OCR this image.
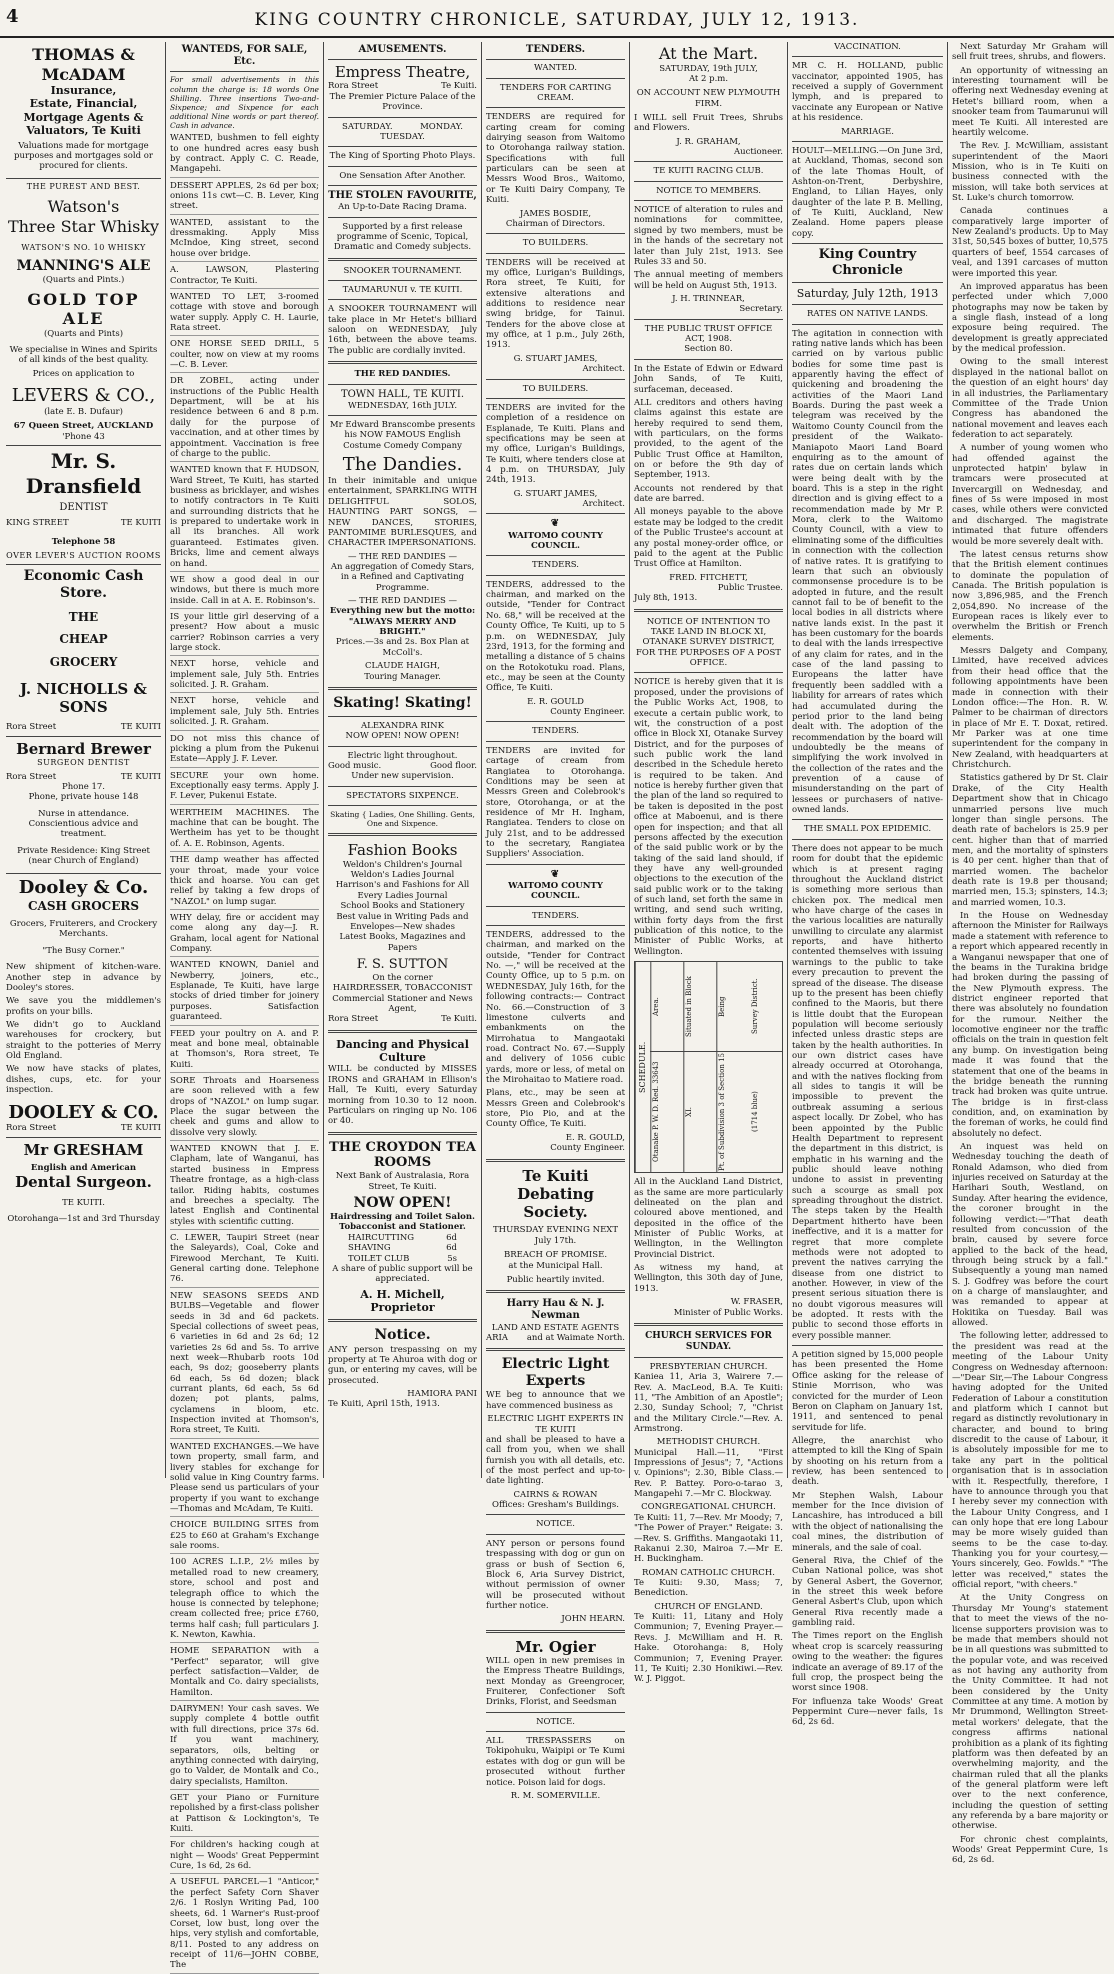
4	KING COUNTRY CHRONICLE, SATURDAY, JULY 12, 1913.
THOMAS & McADAM
Insurance,
Estate, Financial,
Mortgage Agents &
Valuators, Te Kuiti

Valuations made for mortgage purposes and mortgages sold or procured for clients.

THE PUREST AND BEST.
Watson's
Three Star Whisky
WATSON'S NO. 10 WHISKY
MANNING'S ALE
(Quarts and Pints.)
GOLD TOP ALE
(Quarts and Pints)

We specialise in Wines and Spirits of all kinds of the best quality.

Prices on application to
LEVERS & CO.,
(late E. B. Dufaur)
67 Queen Street, AUCKLAND
'Phone 43
Mr. S. Dransfield
DENTIST
KING STREET	TE KUITI
Telephone 58
OVER LEVER'S AUCTION ROOMS
Economic Cash Store.
THE
CHEAP
GROCERY
J. NICHOLLS & SONS
Rora Street	TE KUITI
Bernard Brewer
SURGEON DENTIST
Rora Street	TE KUITI
Phone 17.
Phone, private house 148
Nurse in attendance.
Conscientious advice and treatment.

Private Residence: King Street (near Church of England)

Dooley & Co.
CASH GROCERS

Grocers, Fruiterers, and Crockery Merchants.

"The Busy Corner."

New shipment of kitchen-ware. Another step in advance by Dooley's stores.

We save you the middlemen's profits on your bills.

We didn't go to Auckland warehouses for crockery, but straight to the potteries of Merry Old England.

We now have stacks of plates, dishes, cups, etc. for your inspection.

DOOLEY & CO.
Rora Street	TE KUITI
Mr GRESHAM
English and American
Dental Surgeon.
TE KUITI.
Otorohanga—1st and 3rd Thursday
WANTEDS, FOR SALE, Etc.

For small advertisements in this column the charge is: 18 words One Shilling. Three insertions Two-and-Sixpence; and Sixpence for each additional Nine words or part thereof. Cash in advance.

WANTED, bushmen to fell eighty to one hundred acres easy bush by contract. Apply C. C. Reade, Mangapehi.

DESSERT APPLES, 2s 6d per box; onions 11s cwt—C. B. Lever, King street.

WANTED, assistant to the dressmaking. Apply Miss McIndoe, King street, second house over bridge.

A. LAWSON, Plastering Contractor, Te Kuiti.

WANTED TO LET, 3-roomed cottage with stove and borough water supply. Apply C. H. Laurie, Rata street.

ONE HORSE SEED DRILL, 5 coulter, now on view at my rooms—C. B. Lever.

DR ZOBEL, acting under instructions of the Public Health Department, will be at his residence between 6 and 8 p.m. daily for the purpose of vaccination, and at other times by appointment. Vaccination is free of charge to the public.

WANTED known that F. HUDSON, Ward Street, Te Kuiti, has started business as bricklayer, and wishes to notify contractors in Te Kuiti and surrounding districts that he is prepared to undertake work in all its branches. All work guaranteed. Estimates given. Bricks, lime and cement always on hand.

WE show a good deal in our windows, but there is much more inside. Call in at A. E. Robinson's.

IS your little girl deserving of a present? How about a music carrier? Robinson carries a very large stock.

NEXT horse, vehicle and implement sale, July 5th. Entries solicited. J. R. Graham.

NEXT horse, vehicle and implement sale, July 5th. Entries solicited. J. R. Graham.

DO not miss this chance of picking a plum from the Pukenui Estate—Apply J. F. Lever.

SECURE your own home. Exceptionally easy terms. Apply J. F. Lever, Pukenui Estate.

WERTHEIM MACHINES. The machine that can be bought. The Wertheim has yet to be thought of. A. E. Robinson, Agents.

THE damp weather has affected your throat, made your voice thick and hoarse. You can get relief by taking a few drops of "NAZOL" on lump sugar.

WHY delay, fire or accident may come along any day—J. R. Graham, local agent for National Company.

WANTED KNOWN, Daniel and Newberry, joiners, etc., Esplanade, Te Kuiti, have large stocks of dried timber for joinery purposes. Satisfaction guaranteed.

FEED your poultry on A. and P. meat and bone meal, obtainable at Thomson's, Rora street, Te Kuiti.

SORE Throats and Hoarseness are soon relieved with a few drops of "NAZOL" on lump sugar. Place the sugar between the cheek and gums and allow to dissolve very slowly.

WANTED KNOWN that J. E. Clapham, late of Wanganui, has started business in Empress Theatre frontage, as a high-class tailor. Riding habits, costumes and breeches a specialty. The latest English and Continental styles with scientific cutting.

C. LEWER, Taupiri Street (near the Saleyards), Coal, Coke and Firewood Merchant, Te Kuiti. General carting done. Telephone 76.

NEW SEASONS SEEDS AND BULBS—Vegetable and flower seeds in 3d and 6d packets. Special collections of sweet peas, 6 varieties in 6d and 2s 6d; 12 varieties 2s 6d and 5s. To arrive next week—Rhubarb roots 10d each, 9s doz; gooseberry plants 6d each, 5s 6d dozen; black currant plants, 6d each, 5s 6d dozen; pot plants, palms, cyclamens in bloom, etc. Inspection invited at Thomson's, Rora street, Te Kuiti.

WANTED EXCHANGES.—We have town property, small farm, and livery stables for exchange for solid value in King Country farms. Please send us particulars of your property if you want to exchange—Thomas and McAdam, Te Kuiti.

CHOICE BUILDING SITES from £25 to £60 at Graham's Exchange sale rooms.

100 ACRES L.I.P., 2½ miles by metalled road to new creamery, store, school and post and telegraph office to which the house is connected by telephone; cream collected free; price £760, terms half cash; full particulars J. K. Newton, Kawhia.

HOME SEPARATION with a "Perfect" separator, will give perfect satisfaction—Valder, de Montalk and Co. dairy specialists, Hamilton.

DAIRYMEN! Your cash saves. We supply complete 4 bottle outfit with full directions, price 37s 6d. If you want machinery, separators, oils, belting or anything connected with dairying, go to Valder, de Montalk and Co., dairy specialists, Hamilton.

GET your Piano or Furniture repolished by a first-class polisher at Pattison & Lockington's, Te Kuiti.

For children's hacking cough at night — Woods' Great Peppermint Cure, 1s 6d, 2s 6d.

A USEFUL PARCEL—1 "Anticor," the perfect Safety Corn Shaver 2/6. 1 Roslyn Writing Pad, 100 sheets, 6d. 1 Warner's Rust-proof Corset, low bust, long over the hips, very stylish and comfortable, 8/11. Posted to any address on receipt of 11/6—JOHN COBBE, The

AMUSEMENTS.
Empress Theatre,
Rora Street	Te Kuiti.

The Premier Picture Palace of the Province.

SATURDAY.	MONDAY.
TUESDAY.
The King of Sporting Photo Plays.
One Sensation After Another.
THE STOLEN FAVOURITE,
An Up-to-Date Racing Drama.

Supported by a first release programme of Scenic, Topical, Dramatic and Comedy subjects.

SNOOKER TOURNAMENT.
TAUMARUNUI v. TE KUITI.

A SNOOKER TOURNAMENT will take place in Mr Hetet's billiard saloon on WEDNESDAY, July 16th, between the above teams. The public are cordially invited.

THE RED DANDIES.
TOWN HALL, TE KUITI.
WEDNESDAY, 16th JULY.

Mr Edward Branscombe presents his NOW FAMOUS English Costume Comedy Company

The Dandies.

In their inimitable and unique entertainment, SPARKLING WITH DELIGHTFUL SOLOS, HAUNTING PART SONGS, — NEW DANCES, STORIES, PANTOMIME BURLESQUES, and CHARACTER IMPERSONATIONS.

— THE RED DANDIES —

An aggregation of Comedy Stars, in a Refined and Captivating Programme.

— THE RED DANDIES —
Everything new but the motto:
"ALWAYS MERRY AND BRIGHT."

Prices.—3s and 2s. Box Plan at McColl's.

CLAUDE HAIGH,
Touring Manager.
Skating! Skating!
ALEXANDRA RINK
NOW OPEN! NOW OPEN!
Electric light throughout.
Good music.	Good floor.
Under new supervision.
SPECTATORS SIXPENCE.
Skating { Ladies, One Shilling. Gents, One and Sixpence.
Fashion Books
Weldon's Children's Journal
Weldon's Ladies Journal
Harrison's and Fashions for All
Every Ladies Journal
School Books and Stationery
Best value in Writing Pads and Envelopes—New shades
Latest Books, Magazines and Papers
F. S. SUTTON
On the corner
HAIRDRESSER, TOBACCONIST
Commercial Stationer and News Agent,
Rora Street	Te Kuiti.
Dancing and Physical Culture

WILL be conducted by MISSES IRONS and GRAHAM in Ellison's Hall, Te Kuiti, every Saturday morning from 10.30 to 12 noon. Particulars on ringing up No. 106 or 40.

THE CROYDON TEA ROOMS

Next Bank of Australasia, Rora Street, Te Kuiti.

NOW OPEN!
Hairdressing and Toilet Salon.
Tobacconist and Stationer.
HAIRCUTTING	6d
SHAVING	6d
TOILET CLUB	5s

A share of public support will be appreciated.

A. H. Michell, Proprietor
Notice.

ANY person trespassing on my property at Te Ahuroa with dog or gun, or entering my caves, will be prosecuted.

HAMIORA PANI
Te Kuiti, April 15th, 1913.
TENDERS.
WANTED.
TENDERS FOR CARTING CREAM.

TENDERS are required for carting cream for coming dairying season from Waitomo to Otorohanga railway station. Specifications with full particulars can be seen at Messrs Wood Bros., Waitomo, or Te Kuiti Dairy Company, Te Kuiti.

JAMES BOSDIE,
Chairman of Directors.
TO BUILDERS.

TENDERS will be received at my office, Lurigan's Buildings, Rora street, Te Kuiti, for extensive alterations and additions to residence near swing bridge, for Tainui. Tenders for the above close at my office, at 1 p.m., July 26th, 1913.

G. STUART JAMES,
Architect.
TO BUILDERS.

TENDERS are invited for the completion of a residence on Esplanade, Te Kuiti. Plans and specifications may be seen at my office, Lurigan's Buildings, Te Kuiti, where tenders close at 4 p.m. on THURSDAY, July 24th, 1913.

G. STUART JAMES,
Architect.
❦
WAITOMO COUNTY COUNCIL.
TENDERS.

TENDERS, addressed to the chairman, and marked on the outside, "Tender for Contract No. 68," will be received at the County Office, Te Kuiti, up to 5 p.m. on WEDNESDAY, July 23rd, 1913, for the forming and metalling a distance of 5 chains on the Rotokotuku road. Plans, etc., may be seen at the County Office, Te Kuiti.

E. R. GOULD
County Engineer.
TENDERS.

TENDERS are invited for cartage of cream from Rangiatea to Otorohanga. Conditions may be seen at Messrs Green and Colebrook's store, Otorohanga, or at the residence of Mr H. Ingham, Rangiatea. Tenders to close on July 21st, and to be addressed to the secretary, Rangiatea Suppliers' Association.

❦
WAITOMO COUNTY COUNCIL.
TENDERS.

TENDERS, addressed to the chairman, and marked on the outside, "Tender for Contract No. —," will be received at the County Office, up to 5 p.m. on WEDNESDAY, July 16th, for the following contracts:— Contract No. 66.—Construction of 3 limestone culverts and embankments on the Mirrohatua to Mangaotaki road. Contract No. 67.—Supply and delivery of 1056 cubic yards, more or less, of metal on the Mirohaitao to Matiere road.

Plans, etc., may be seen at Messrs Green and Colebrook's store, Pio Pio, and at the County Office, Te Kuiti.

E. R. GOULD,
County Engineer.
Te Kuiti Debating Society.
THURSDAY EVENING NEXT
July 17th.
BREACH OF PROMISE.
at the Municipal Hall.
Public heartily invited.
Harry Hau & N. J. Newman
LAND AND ESTATE AGENTS
ARIA and at Waimate North.
Electric Light Experts

WE beg to announce that we have commenced business as

ELECTRIC LIGHT EXPERTS IN TE KUITI

and shall be pleased to have a call from you, when we shall furnish you with all details, etc. of the most perfect and up-to-date lighting.

CAIRNS & ROWAN
Offices: Gresham's Buildings.
NOTICE.

ANY person or persons found trespassing with dog or gun on grass or bush of Section 6, Block 6, Aria Survey District, without permission of owner will be prosecuted without further notice.

JOHN HEARN.
Mr. Ogier

WILL open in new premises in the Empress Theatre Buildings, next Monday as Greengrocer, Fruiterer, Confectioner Soft Drinks, Florist, and Seedsman

NOTICE.

ALL TRESPASSERS on Tokipohuku, Waipipi or Te Kumi estates with dog or gun will be prosecuted without further notice. Poison laid for dogs.

R. M. SOMERVILLE.
At the Mart.
SATURDAY, 19th JULY,
At 2 p.m.
ON ACCOUNT NEW PLYMOUTH FIRM.

I WILL sell Fruit Trees, Shrubs and Flowers.

J. R. GRAHAM,
Auctioneer.
TE KUITI RACING CLUB.
NOTICE TO MEMBERS.

NOTICE of alteration to rules and nominations for committee, signed by two members, must be in the hands of the secretary not later than July 21st, 1913. See Rules 33 and 50.

The annual meeting of members will be held on August 5th, 1913.

J. H. TRINNEAR,
Secretary.
THE PUBLIC TRUST OFFICE ACT, 1908.
Section 80.

In the Estate of Edwin or Edward John Sands, of Te Kuiti, surfaceman, deceased.

ALL creditors and others having claims against this estate are hereby required to send them, with particulars, on the forms provided, to the agent of the Public Trust Office at Hamilton, on or before the 9th day of September, 1913.

Accounts not rendered by that date are barred.

All moneys payable to the above estate may be lodged to the credit of the Public Trustee's account at any postal money-order office, or paid to the agent at the Public Trust Office at Hamilton.

FRED. FITCHETT,
Public Trustee.
July 8th, 1913.
NOTICE OF INTENTION TO TAKE LAND IN BLOCK XI, OTANAKE SURVEY DISTRICT, FOR THE PURPOSES OF A POST OFFICE.

NOTICE is hereby given that it is proposed, under the provisions of the Public Works Act, 1908, to execute a certain public work, to wit, the construction of a post office in Block XI, Otanake Survey District, and for the purposes of such public work the land described in the Schedule hereto is required to be taken. And notice is hereby further given that the plan of the land so required to be taken is deposited in the post office at Maboenui, and is there open for inspection; and that all persons affected by the execution of the said public work or by the taking of the said land should, if they have any well-grounded objections to the execution of the said public work or to the taking of such land, set forth the same in writing, and send such writing, within forty days from the first publication of this notice, to the Minister of Public Works, at Wellington.

SCHEDULE.
Area.	Situated in Block	Being	Survey District.
Otanake P. W. D. Red. 33643	XI.	Pt. of Subdivision 3 of Section 15	(1714 blue)

All in the Auckland Land District, as the same are more particularly delineated on the plan and coloured above mentioned, and deposited in the office of the Minister of Public Works, at Wellington, in the Wellington Provincial District.

As witness my hand, at Wellington, this 30th day of June, 1913.

W. FRASER,
Minister of Public Works.
CHURCH SERVICES FOR SUNDAY.
PRESBYTERIAN CHURCH.

Kaniea 11, Aria 3, Wairere 7.—Rev. A. MacLeod, B.A. Te Kuiti: 11, "The Ambition of an Apostle"; 2.30, Sunday School; 7, "Christ and the Military Circle."—Rev. A. Armstrong.

METHODIST CHURCH.

Municipal Hall.—11, "First Impressions of Jesus"; 7, "Actions v. Opinions"; 2.30, Bible Class.—Rev. P. Battey. Poro-o-tarao 3, Mangapehi 7.—Mr C. Blockway.

CONGREGATIONAL CHURCH.

Te Kuiti: 11, 7—Rev. Mr Moody; 7, "The Power of Prayer." Reigate: 3.—Rev. S. Griffiths. Mangaotaki 11, Rakanui 2.30, Mairoa 7.—Mr E. H. Buckingham.

ROMAN CATHOLIC CHURCH.

Te Kuiti: 9.30, Mass; 7, Benediction.

CHURCH OF ENGLAND.

Te Kuiti: 11, Litany and Holy Communion; 7, Evening Prayer.—Revs. J. McWilliam and H. R. Hake. Otorohanga: 8, Holy Communion; 7, Evening Prayer. 11, Te Kuiti; 2.30 Honikiwi.—Rev. W. J. Piggot.

VACCINATION.

MR C. H. HOLLAND, public vaccinator, appointed 1905, has received a supply of Government lymph, and is prepared to vaccinate any European or Native at his residence.

MARRIAGE.

HOULT—MELLING.—On June 3rd, at Auckland, Thomas, second son of the late Thomas Hoult, of Ashton-on-Trent, Derbyshire, England, to Lilian Hayes, only daughter of the late P. B. Melling, of Te Kuiti, Auckland, New Zealand. Home papers please copy.

King Country Chronicle
Saturday, July 12th, 1913
RATES ON NATIVE LANDS.

The agitation in connection with rating native lands which has been carried on by various public bodies for some time past is apparently having the effect of quickening and broadening the activities of the Maori Land Boards. During the past week a telegram was received by the Waitomo County Council from the president of the Waikato-Maniapoto Maori Land Board enquiring as to the amount of rates due on certain lands which were being dealt with by the board. This is a step in the right direction and is giving effect to a recommendation made by Mr P. Mora, clerk to the Waitomo County Council, with a view to eliminating some of the difficulties in connection with the collection of native rates. It is gratifying to learn that such an obviously commonsense procedure is to be adopted in future, and the result cannot fail to be of benefit to the local bodies in all districts where native lands exist. In the past it has been customary for the boards to deal with the lands irrespective of any claim for rates, and in the case of the land passing to Europeans the latter have frequently been saddled with a liability for arrears of rates which had accumulated during the period prior to the land being dealt with. The adoption of the recommendation by the board will undoubtedly be the means of simplifying the work involved in the collection of the rates and the prevention of a cause of misunderstanding on the part of lessees or purchasers of native-owned lands.

THE SMALL POX EPIDEMIC.

There does not appear to be much room for doubt that the epidemic which is at present raging throughout the Auckland district is something more serious than chicken pox. The medical men who have charge of the cases in the various localities are naturally unwilling to circulate any alarmist reports, and have hitherto contented themselves with issuing warnings to the public to take every precaution to prevent the spread of the disease. The disease up to the present has been chiefly confined to the Maoris, but there is little doubt that the European population will become seriously infected unless drastic steps are taken by the health authorities. In our own district cases have already occurred at Otorohanga, and with the natives flocking from all sides to tangis it will be impossible to prevent the outbreak assuming a serious aspect locally. Dr Zobel, who has been appointed by the Public Health Department to represent the department in this district, is emphatic in his warning and the public should leave nothing undone to assist in preventing such a scourge as small pox spreading throughout the district. The steps taken by the Health Department hitherto have been ineffective, and it is a matter for regret that more complete methods were not adopted to prevent the natives carrying the disease from one district to another. However, in view of the present serious situation there is no doubt vigorous measures will be adopted. It rests with the public to second those efforts in every possible manner.

A petition signed by 15,000 people has been presented the Home Office asking for the release of Stinie Morrison, who was convicted for the murder of Leon Beron on Clapham on January 1st, 1911, and sentenced to penal servitude for life.

Allegre, the anarchist who attempted to kill the King of Spain by shooting on his return from a review, has been sentenced to death.

Mr Stephen Walsh, Labour member for the Ince division of Lancashire, has introduced a bill with the object of nationalising the coal mines, the distribution of minerals, and the sale of coal.

General Riva, the Chief of the Cuban National police, was shot by General Asbert, the Governor, in the street this week before General Asbert's Club, upon which General Riva recently made a gambling raid.

The Times report on the English wheat crop is scarcely reassuring owing to the weather: the figures indicate an average of 89.17 of the full crop, the prospect being the worst since 1908.

For influenza take Woods' Great Peppermint Cure—never fails, 1s 6d, 2s 6d.

Next Saturday Mr Graham will sell fruit trees, shrubs, and flowers.

An opportunity of witnessing an interesting tournament will be offering next Wednesday evening at Hetet's billiard room, when a snooker team from Taumarunui will meet Te Kuiti. All interested are heartily welcome.

The Rev. J. McWilliam, assistant superintendent of the Maori Mission, who is in Te Kuiti on business connected with the mission, will take both services at St. Luke's church tomorrow.

Canada continues a comparatively large importer of New Zealand's products. Up to May 31st, 50,545 boxes of butter, 10,575 quarters of beef, 1554 carcases of veal, and 1391 carcases of mutton were imported this year.

An improved apparatus has been perfected under which 7,000 photographs may now be taken by a single flash, instead of a long exposure being required. The development is greatly appreciated by the medical profession.

Owing to the small interest displayed in the national ballot on the question of an eight hours' day in all industries, the Parliamentary Committee of the Trade Union Congress has abandoned the national movement and leaves each federation to act separately.

A number of young women who had offended against the unprotected hatpin' bylaw in tramcars were prosecuted at Invercargill on Wednesday, and fines of 5s were imposed in most cases, while others were convicted and discharged. The magistrate intimated that future offenders would be more severely dealt with.

The latest census returns show that the British element continues to dominate the population of Canada. The British population is now 3,896,985, and the French 2,054,890. No increase of the European races is likely ever to overwhelm the British or French elements.

Messrs Dalgety and Company, Limited, have received advices from their head office that the following appointments have been made in connection with their London office:—The Hon. R. W. Palmer to be chairman of directors in place of Mr E. T. Doxat, retired. Mr Parker was at one time superintendent for the company in New Zealand, with headquarters at Christchurch.

Statistics gathered by Dr St. Clair Drake, of the City Health Department show that in Chicago unmarried persons live much longer than single persons. The death rate of bachelors is 25.9 per cent. higher than that of married men, and the mortality of spinsters is 40 per cent. higher than that of married women. The bachelor death rate is 19.8 per thousand; married men, 15.3; spinsters, 14.3; and married women, 10.3.

In the House on Wednesday afternoon the Minister for Railways made a statement with reference to a report which appeared recently in a Wanganui newspaper that one of the beams in the Turakina bridge had broken during the passing of the New Plymouth express. The district engineer reported that there was absolutely no foundation for the rumour. Neither the locomotive engineer nor the traffic officials on the train in question felt any bump. On investigation being made it was found that the statement that one of the beams in the bridge beneath the running track had broken was quite untrue. The bridge is in first-class condition, and, on examination by the foreman of works, he could find absolutely no defect.

An inquest was held on Wednesday touching the death of Ronald Adamson, who died from injuries received on Saturday at the Harihari South, Westland, on Sunday. After hearing the evidence, the coroner brought in the following verdict:—"That death resulted from concussion of the brain, caused by severe force applied to the back of the head, through being struck by a fall." Subsequently a young man named S. J. Godfrey was before the court on a charge of manslaughter, and was remanded to appear at Hokitika on Tuesday. Bail was allowed.

The following letter, addressed to the president was read at the meeting of the Labour Unity Congress on Wednesday afternoon:—"Dear Sir,—The Labour Congress having adopted for the United Federation of Labour a constitution and platform which I cannot but regard as distinctly revolutionary in character, and bound to bring discredit to the cause of Labour, it is absolutely impossible for me to take any part in the political organisation that is in association with it. Respectfully, therefore, I have to announce through you that I hereby sever my connection with the Labour Unity Congress, and I can only hope that ere long Labour may be more wisely guided than seems to be the case to-day. Thanking you for your courtesy,—Yours sincerely, Geo. Fowlds." "The letter was received," states the official report, "with cheers."

At the Unity Congress on Thursday Mr Young's statement that to meet the views of the no-license supporters provision was to be made that members should not be in all questions was submitted to the popular vote, and was received as not having any authority from the Unity Committee. It had not been considered by the Unity Committee at any time. A motion by Mr Drummond, Wellington Street-metal workers' delegate, that the congress affirms national prohibition as a plank of its fighting platform was then defeated by an overwhelming majority, and the chairman ruled that all the planks of the general platform were left over to the next conference, including the question of setting any referenda by a bare majority or otherwise.

For chronic chest complaints, Woods' Great Peppermint Cure, 1s 6d, 2s 6d.
